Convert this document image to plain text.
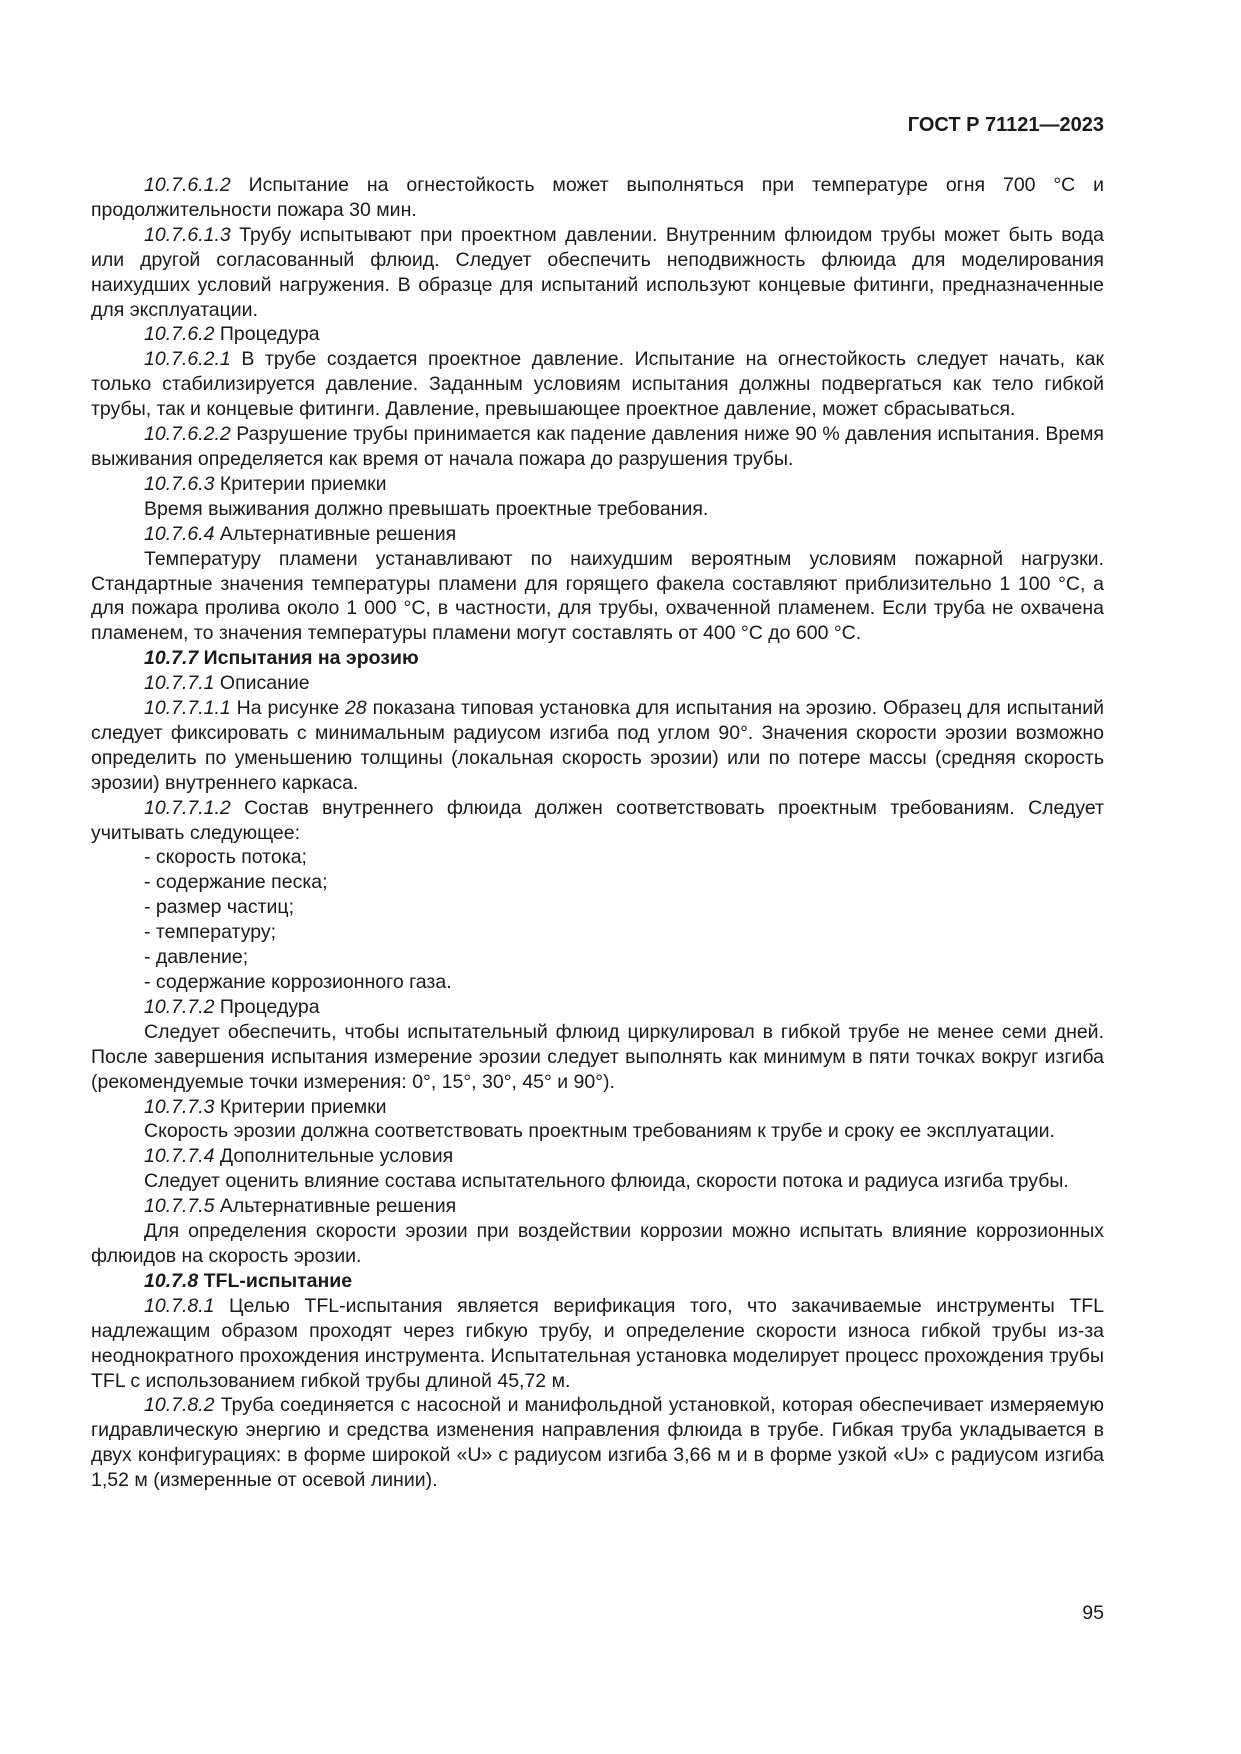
ГОСТ Р 71121—2023

10.7.6.1.2 Испытание на огнестойкость может выполняться при температуре огня 700 °С и продолжительности пожара 30 мин.

10.7.6.1.3 Трубу испытывают при проектном давлении. Внутренним флюидом трубы может быть вода или другой согласованный флюид. Следует обеспечить неподвижность флюида для моделирования наихудших условий нагружения. В образце для испытаний используют концевые фитинги, предназначенные для эксплуатации.

10.7.6.2 Процедура

10.7.6.2.1 В трубе создается проектное давление. Испытание на огнестойкость следует начать, как только стабилизируется давление. Заданным условиям испытания должны подвергаться как тело гибкой трубы, так и концевые фитинги. Давление, превышающее проектное давление, может сбрасываться.

10.7.6.2.2 Разрушение трубы принимается как падение давления ниже 90 % давления испытания. Время выживания определяется как время от начала пожара до разрушения трубы.

10.7.6.3 Критерии приемки

Время выживания должно превышать проектные требования.

10.7.6.4 Альтернативные решения

Температуру пламени устанавливают по наихудшим вероятным условиям пожарной нагрузки. Стандартные значения температуры пламени для горящего факела составляют приблизительно 1 100 °С, а для пожара пролива около 1 000 °С, в частности, для трубы, охваченной пламенем. Если труба не охвачена пламенем, то значения температуры пламени могут составлять от 400 °С до 600 °С.

10.7.7 Испытания на эрозию

10.7.7.1 Описание

10.7.7.1.1 На рисунке 28 показана типовая установка для испытания на эрозию. Образец для испытаний следует фиксировать с минимальным радиусом изгиба под углом 90°. Значения скорости эрозии возможно определить по уменьшению толщины (локальная скорость эрозии) или по потере массы (средняя скорость эрозии) внутреннего каркаса.

10.7.7.1.2 Состав внутреннего флюида должен соответствовать проектным требованиям. Следует учитывать следующее:

- скорость потока;

- содержание песка;

- размер частиц;

- температуру;

- давление;

- содержание коррозионного газа.

10.7.7.2 Процедура

Следует обеспечить, чтобы испытательный флюид циркулировал в гибкой трубе не менее семи дней. После завершения испытания измерение эрозии следует выполнять как минимум в пяти точках вокруг изгиба (рекомендуемые точки измерения: 0°, 15°, 30°, 45° и 90°).

10.7.7.3 Критерии приемки

Скорость эрозии должна соответствовать проектным требованиям к трубе и сроку ее эксплуатации.

10.7.7.4 Дополнительные условия

Следует оценить влияние состава испытательного флюида, скорости потока и радиуса изгиба трубы.

10.7.7.5 Альтернативные решения

Для определения скорости эрозии при воздействии коррозии можно испытать влияние коррозионных флюидов на скорость эрозии.

10.7.8 TFL-испытание

10.7.8.1 Целью TFL-испытания является верификация того, что закачиваемые инструменты TFL надлежащим образом проходят через гибкую трубу, и определение скорости износа гибкой трубы из-за неоднократного прохождения инструмента. Испытательная установка моделирует процесс прохождения трубы TFL с использованием гибкой трубы длиной 45,72 м.

10.7.8.2 Труба соединяется с насосной и манифольдной установкой, которая обеспечивает измеряемую гидравлическую энергию и средства изменения направления флюида в трубе. Гибкая труба укладывается в двух конфигурациях: в форме широкой «U» с радиусом изгиба 3,66 м и в форме узкой «U» с радиусом изгиба 1,52 м (измеренные от осевой линии).

95
